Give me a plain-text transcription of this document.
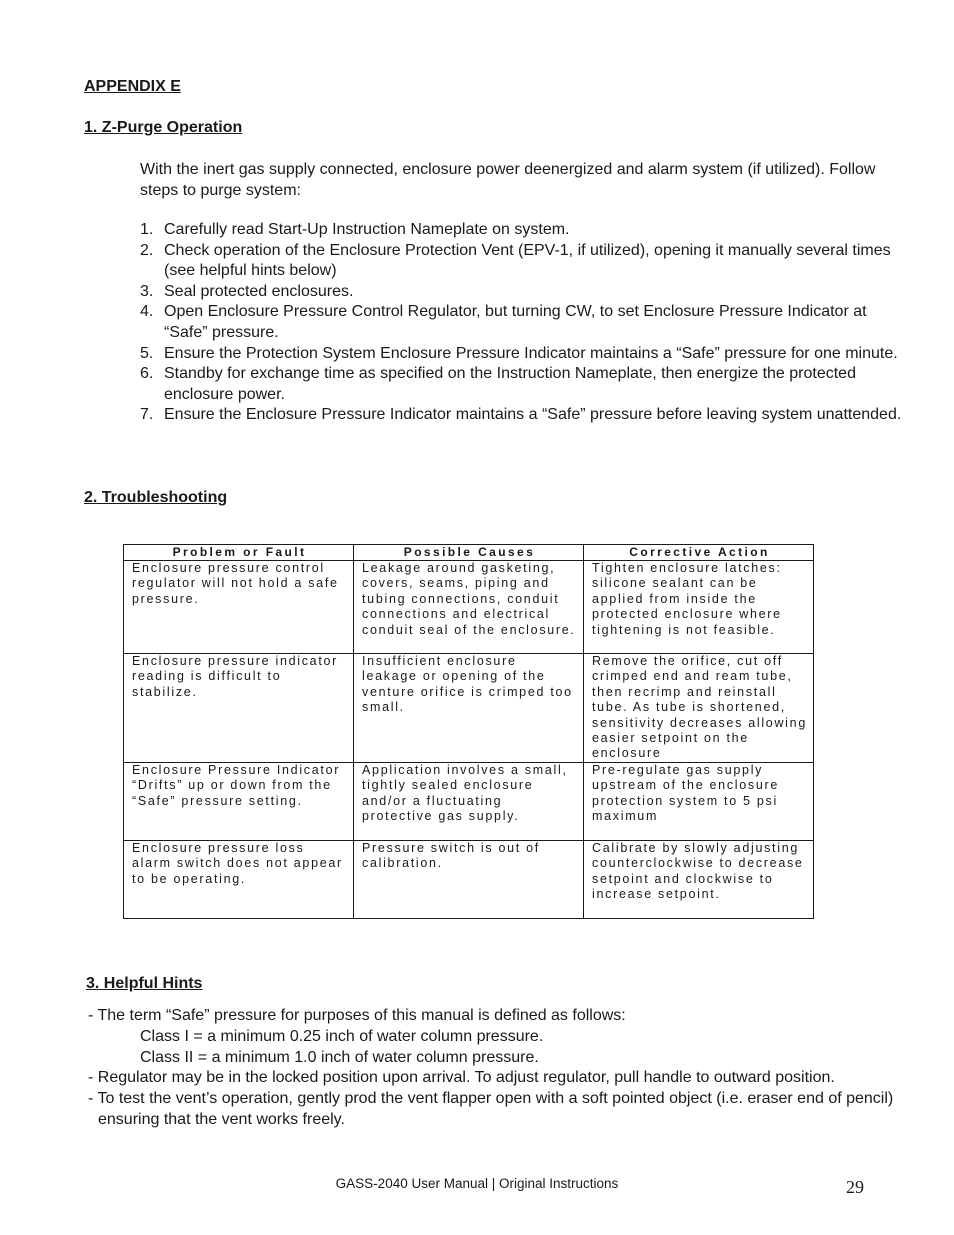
APPENDIX E

1. Z-Purge Operation

With the inert gas supply connected, enclosure power deenergized and alarm system (if utilized). Follow steps to purge system:

1. Carefully read Start-Up Instruction Nameplate on system.
2. Check operation of the Enclosure Protection Vent (EPV-1, if utilized), opening it manually several times (see helpful hints below)
3. Seal protected enclosures.
4. Open Enclosure Pressure Control Regulator, but turning CW, to set Enclosure Pressure Indicator at “Safe” pressure.
5. Ensure the Protection System Enclosure Pressure Indicator maintains a “Safe” pressure for one minute.
6. Standby for exchange time as specified on the Instruction Nameplate, then energize the protected enclosure power.
7. Ensure the Enclosure Pressure Indicator maintains a “Safe” pressure before leaving system unattended.

2. Troubleshooting

Problem or Fault	Possible Causes	Corrective Action
Enclosure pressure control regulator will not hold a safe pressure.	Leakage around gasketing, covers, seams, piping and tubing connections, conduit connections and electrical conduit seal of the enclosure.	Tighten enclosure latches: silicone sealant can be applied from inside the protected enclosure where tightening is not feasible.
Enclosure pressure indicator reading is difficult to stabilize.	Insufficient enclosure leakage or opening of the venture orifice is crimped too small.	Remove the orifice, cut off crimped end and ream tube, then recrimp and reinstall tube. As tube is shortened, sensitivity decreases allowing easier setpoint on the enclosure
Enclosure Pressure Indicator “Drifts” up or down from the “Safe” pressure setting.	Application involves a small, tightly sealed enclosure and/or a fluctuating protective gas supply.	Pre-regulate gas supply upstream of the enclosure protection system to 5 psi maximum
Enclosure pressure loss alarm switch does not appear to be operating.	Pressure switch is out of calibration.	Calibrate by slowly adjusting counterclockwise to decrease setpoint and clockwise to increase setpoint.

3. Helpful Hints

- The term “Safe” pressure for purposes of this manual is defined as follows:

Class I = a minimum 0.25 inch of water column pressure.

Class II = a minimum 1.0 inch of water column pressure.

- Regulator may be in the locked position upon arrival. To adjust regulator, pull handle to outward position.

- To test the vent’s operation, gently prod the vent flapper open with a soft pointed object (i.e. eraser end of pencil) ensuring that the vent works freely.

GASS-2040 User Manual | Original Instructions	29
